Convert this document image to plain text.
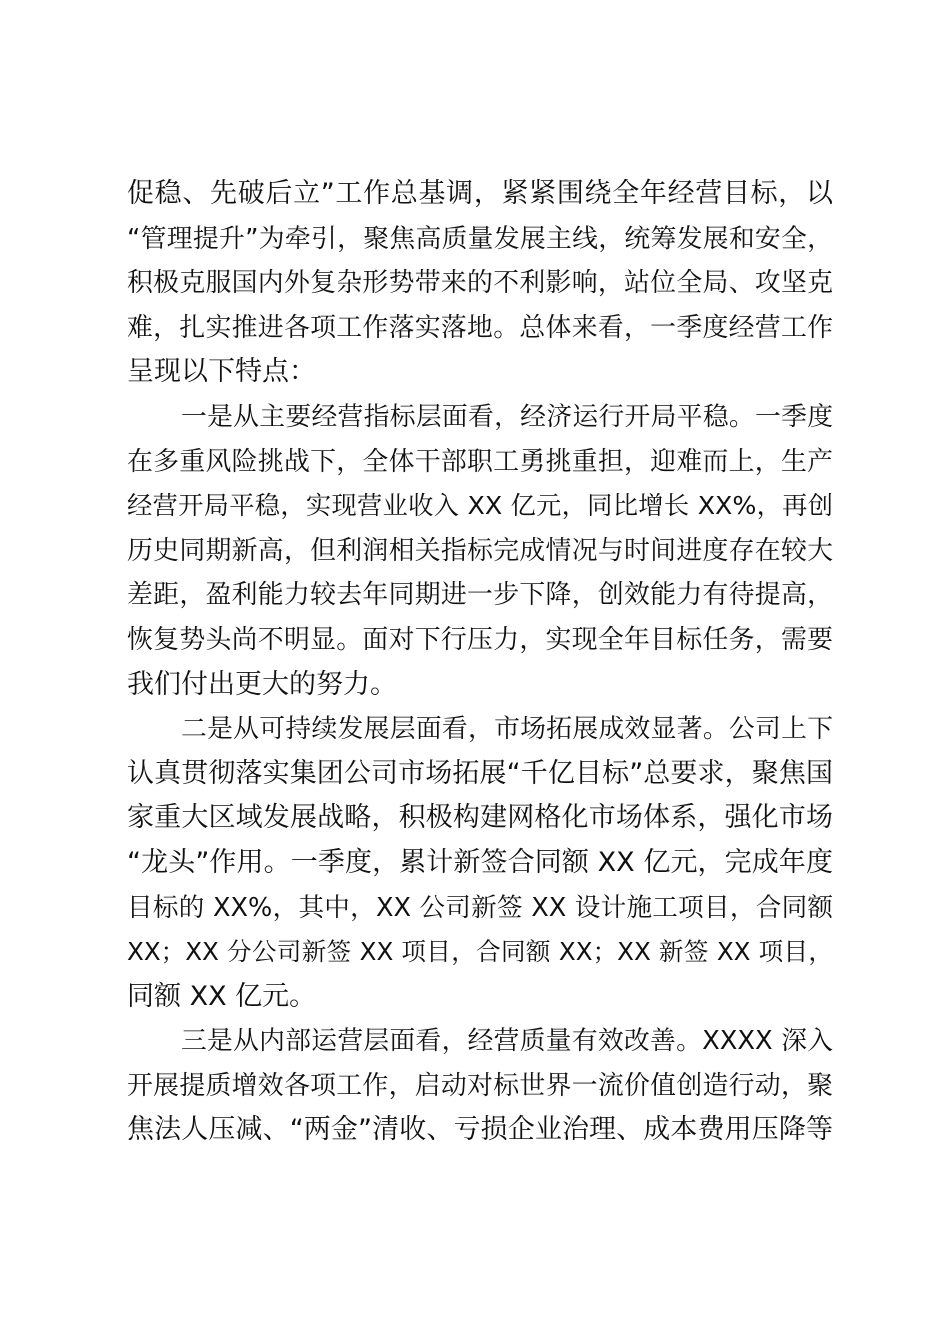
促稳、先破后立”工作总基调，紧紧围绕全年经营目标，以
“管理提升”为牵引，聚焦高质量发展主线，统筹发展和安全，
积极克服国内外复杂形势带来的不利影响，站位全局、攻坚克
难，扎实推进各项工作落实落地。总体来看，一季度经营工作
呈现以下特点：
一是从主要经营指标层面看，经济运行开局平稳。一季度
在多重风险挑战下，全体干部职工勇挑重担，迎难而上，生产
经营开局平稳，实现营业收入 XX 亿元，同比增长 XX%，再创
历史同期新高，但利润相关指标完成情况与时间进度存在较大
差距，盈利能力较去年同期进一步下降，创效能力有待提高，
恢复势头尚不明显。面对下行压力，实现全年目标任务，需要
我们付出更大的努力。
二是从可持续发展层面看，市场拓展成效显著。公司上下
认真贯彻落实集团公司市场拓展“千亿目标”总要求，聚焦国
家重大区域发展战略，积极构建网格化市场体系，强化市场
“龙头”作用。一季度，累计新签合同额 XX 亿元，完成年度
目标的 XX%，其中，XX 公司新签 XX 设计施工项目，合同额
XX；XX 分公司新签 XX 项目，合同额 XX；XX 新签 XX 项目，
同额 XX 亿元。
三是从内部运营层面看，经营质量有效改善。XXXX 深入
开展提质增效各项工作，启动对标世界一流价值创造行动，聚
焦法人压减、“两金”清收、亏损企业治理、成本费用压降等
